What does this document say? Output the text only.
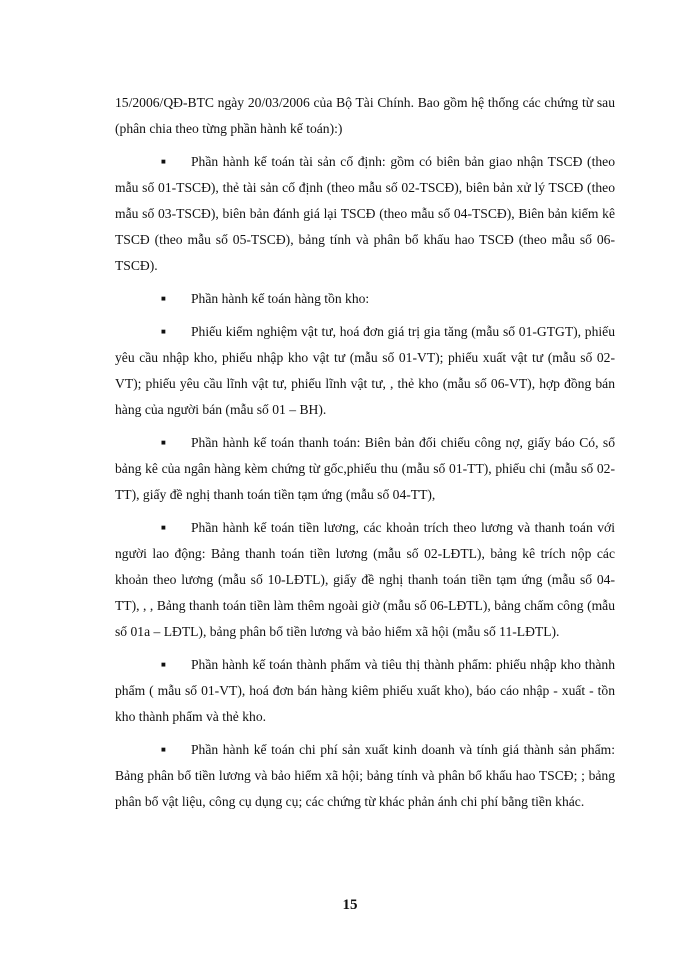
15/2006/QĐ-BTC ngày 20/03/2006 của Bộ Tài Chính. Bao gồm hệ thống các chứng từ sau (phân chia theo từng phần hành kế toán):)

■ Phần hành kế toán tài sản cố định: gồm có biên bản giao nhận TSCĐ (theo mẫu số 01-TSCĐ), thẻ tài sản cố định (theo mẫu số 02-TSCĐ), biên bản xử lý TSCĐ (theo mẫu số 03-TSCĐ), biên bản đánh giá lại TSCĐ (theo mẫu số 04-TSCĐ), Biên bản kiểm kê TSCĐ (theo mẫu số 05-TSCĐ), bảng tính và phân bổ khấu hao TSCĐ (theo mẫu số 06-TSCĐ).

■ Phần hành kế toán hàng tồn kho:

■ Phiếu kiểm nghiệm vật tư, hoá đơn giá trị gia tăng (mẫu số 01-GTGT), phiếu yêu cầu nhập kho, phiếu nhập kho vật tư (mẫu số 01-VT); phiếu xuất vật tư (mẫu số 02-VT); phiếu yêu cầu lĩnh vật tư, phiếu lĩnh vật tư, , thẻ kho (mẫu số 06-VT), hợp đồng bán hàng của người bán (mẫu số 01 – BH).

■ Phần hành kế toán thanh toán: Biên bản đối chiếu công nợ, giấy báo Có, sổ bảng kê của ngân hàng kèm chứng từ gốc,phiếu thu (mẫu số 01-TT), phiếu chi (mẫu số 02-TT), giấy đề nghị thanh toán tiền tạm ứng (mẫu số 04-TT),

■ Phần hành kế toán tiền lương, các khoản trích theo lương và thanh toán với người lao động: Bảng thanh toán tiền lương (mẫu số 02-LĐTL), bảng kê trích nộp các khoản theo lương (mẫu số 10-LĐTL), giấy đề nghị thanh toán tiền tạm ứng (mẫu số 04-TT), , , Bảng thanh toán tiền làm thêm ngoài giờ (mẫu số 06-LĐTL), bảng chấm công (mẫu số 01a – LĐTL), bảng phân bổ tiền lương và bảo hiểm xã hội (mẫu số 11-LĐTL).

■ Phần hành kế toán thành phẩm và tiêu thị thành phẩm: phiếu nhập kho thành phẩm ( mẫu số 01-VT), hoá đơn bán hàng kiêm phiếu xuất kho), báo cáo nhập - xuất - tồn kho thành phẩm và thẻ kho.

■ Phần hành kế toán chi phí sản xuất kinh doanh và tính giá thành sản phẩm: Bảng phân bổ tiền lương và bảo hiểm xã hội; bảng tính và phân bổ khấu hao TSCĐ; ; bảng phân bổ vật liệu, công cụ dụng cụ; các chứng từ khác phản ánh chi phí bằng tiền khác.

15
